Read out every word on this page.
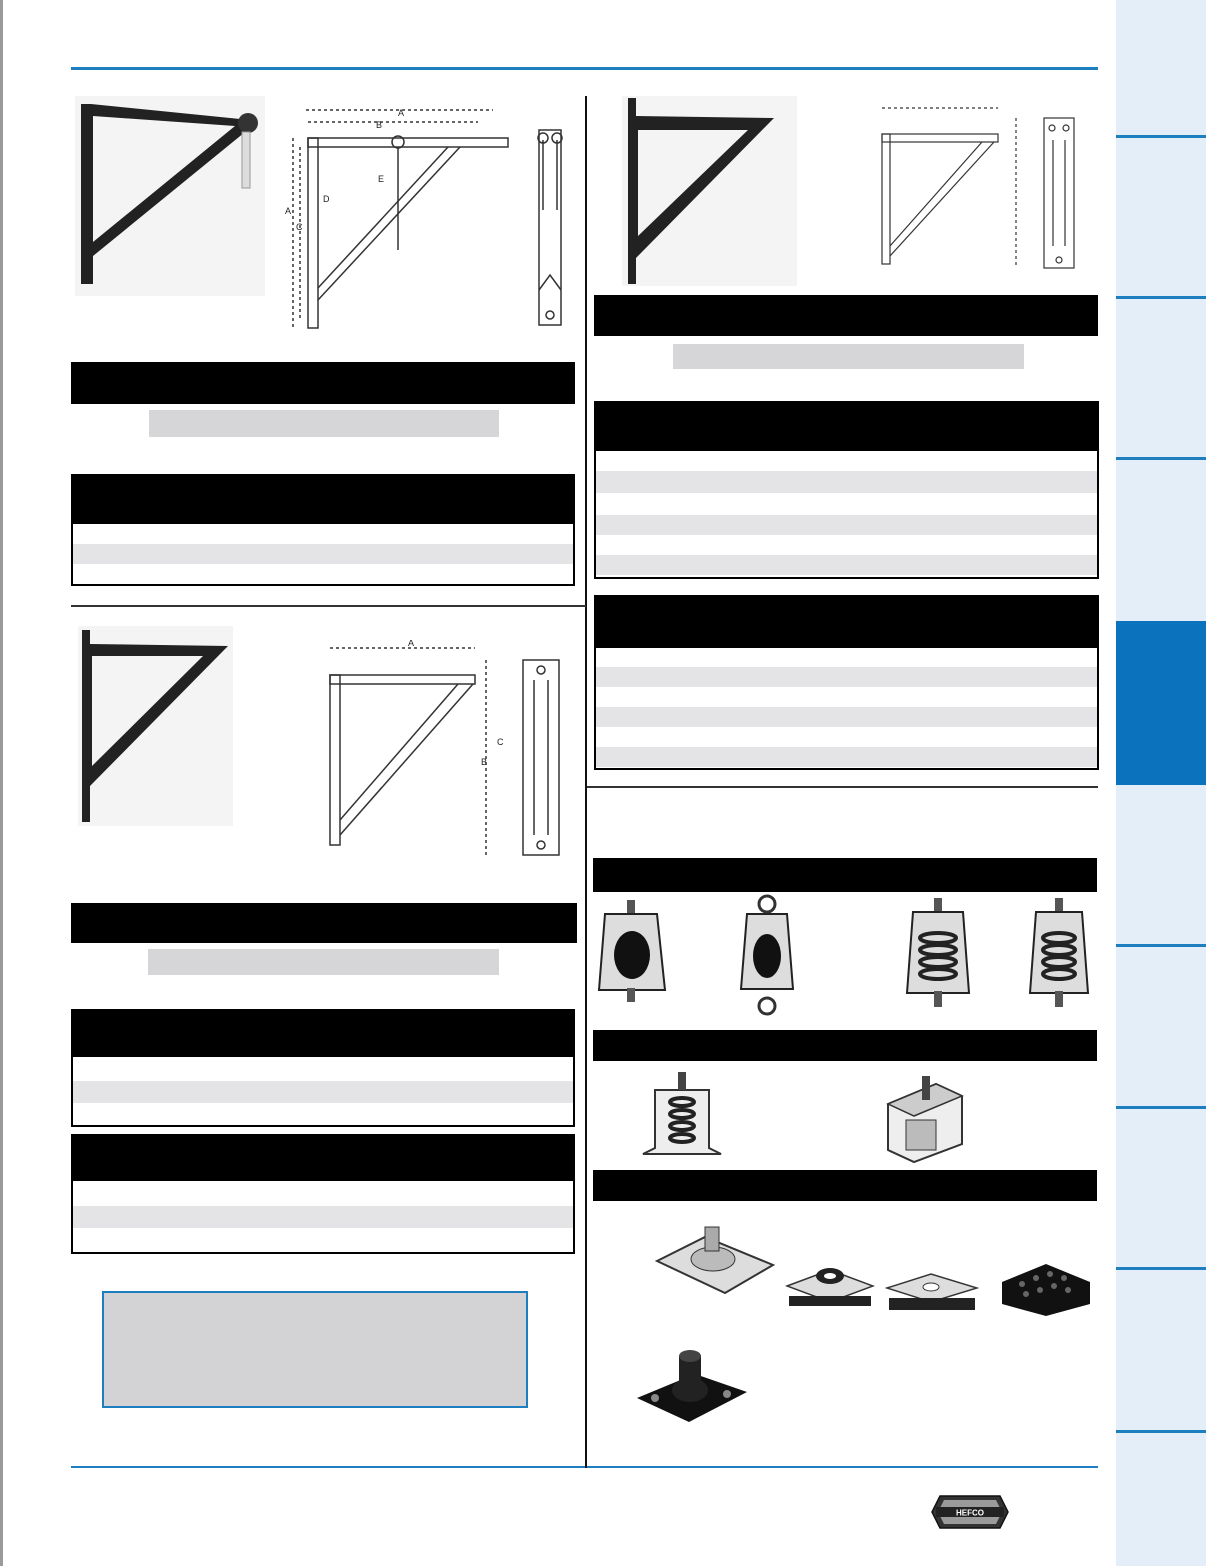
A
B
A
C
D
E
A
B
C
HEFCO
